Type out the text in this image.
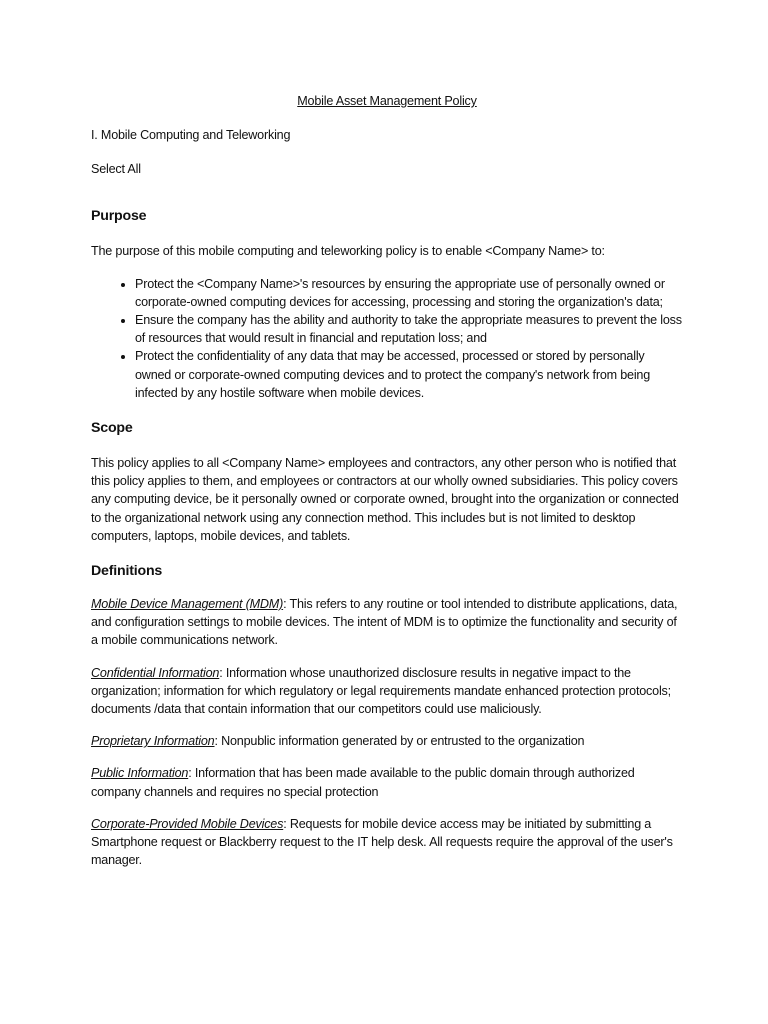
Mobile Asset Management Policy
I. Mobile Computing and Teleworking
Select All
Purpose

The purpose of this mobile computing and teleworking policy is to enable <Company Name> to:

• Protect the <Company Name>'s resources by ensuring the appropriate use of personally owned or corporate-owned computing devices for accessing, processing and storing the organization's data;
• Ensure the company has the ability and authority to take the appropriate measures to prevent the loss of resources that would result in financial and reputation loss; and
• Protect the confidentiality of any data that may be accessed, processed or stored by personally owned or corporate-owned computing devices and to protect the company's network from being infected by any hostile software when mobile devices.
Scope

This policy applies to all <Company Name> employees and contractors, any other person who is notified that this policy applies to them, and employees or contractors at our wholly owned subsidiaries. This policy covers any computing device, be it personally owned or corporate owned, brought into the organization or connected to the organizational network using any connection method. This includes but is not limited to desktop computers, laptops, mobile devices, and tablets.

Definitions

Mobile Device Management (MDM): This refers to any routine or tool intended to distribute applications, data, and configuration settings to mobile devices. The intent of MDM is to optimize the functionality and security of a mobile communications network.

Confidential Information: Information whose unauthorized disclosure results in negative impact to the organization; information for which regulatory or legal requirements mandate enhanced protection protocols; documents /data that contain information that our competitors could use maliciously.

Proprietary Information: Nonpublic information generated by or entrusted to the organization

Public Information: Information that has been made available to the public domain through authorized company channels and requires no special protection

Corporate-Provided Mobile Devices: Requests for mobile device access may be initiated by submitting a Smartphone request or Blackberry request to the IT help desk. All requests require the approval of the user's manager.
